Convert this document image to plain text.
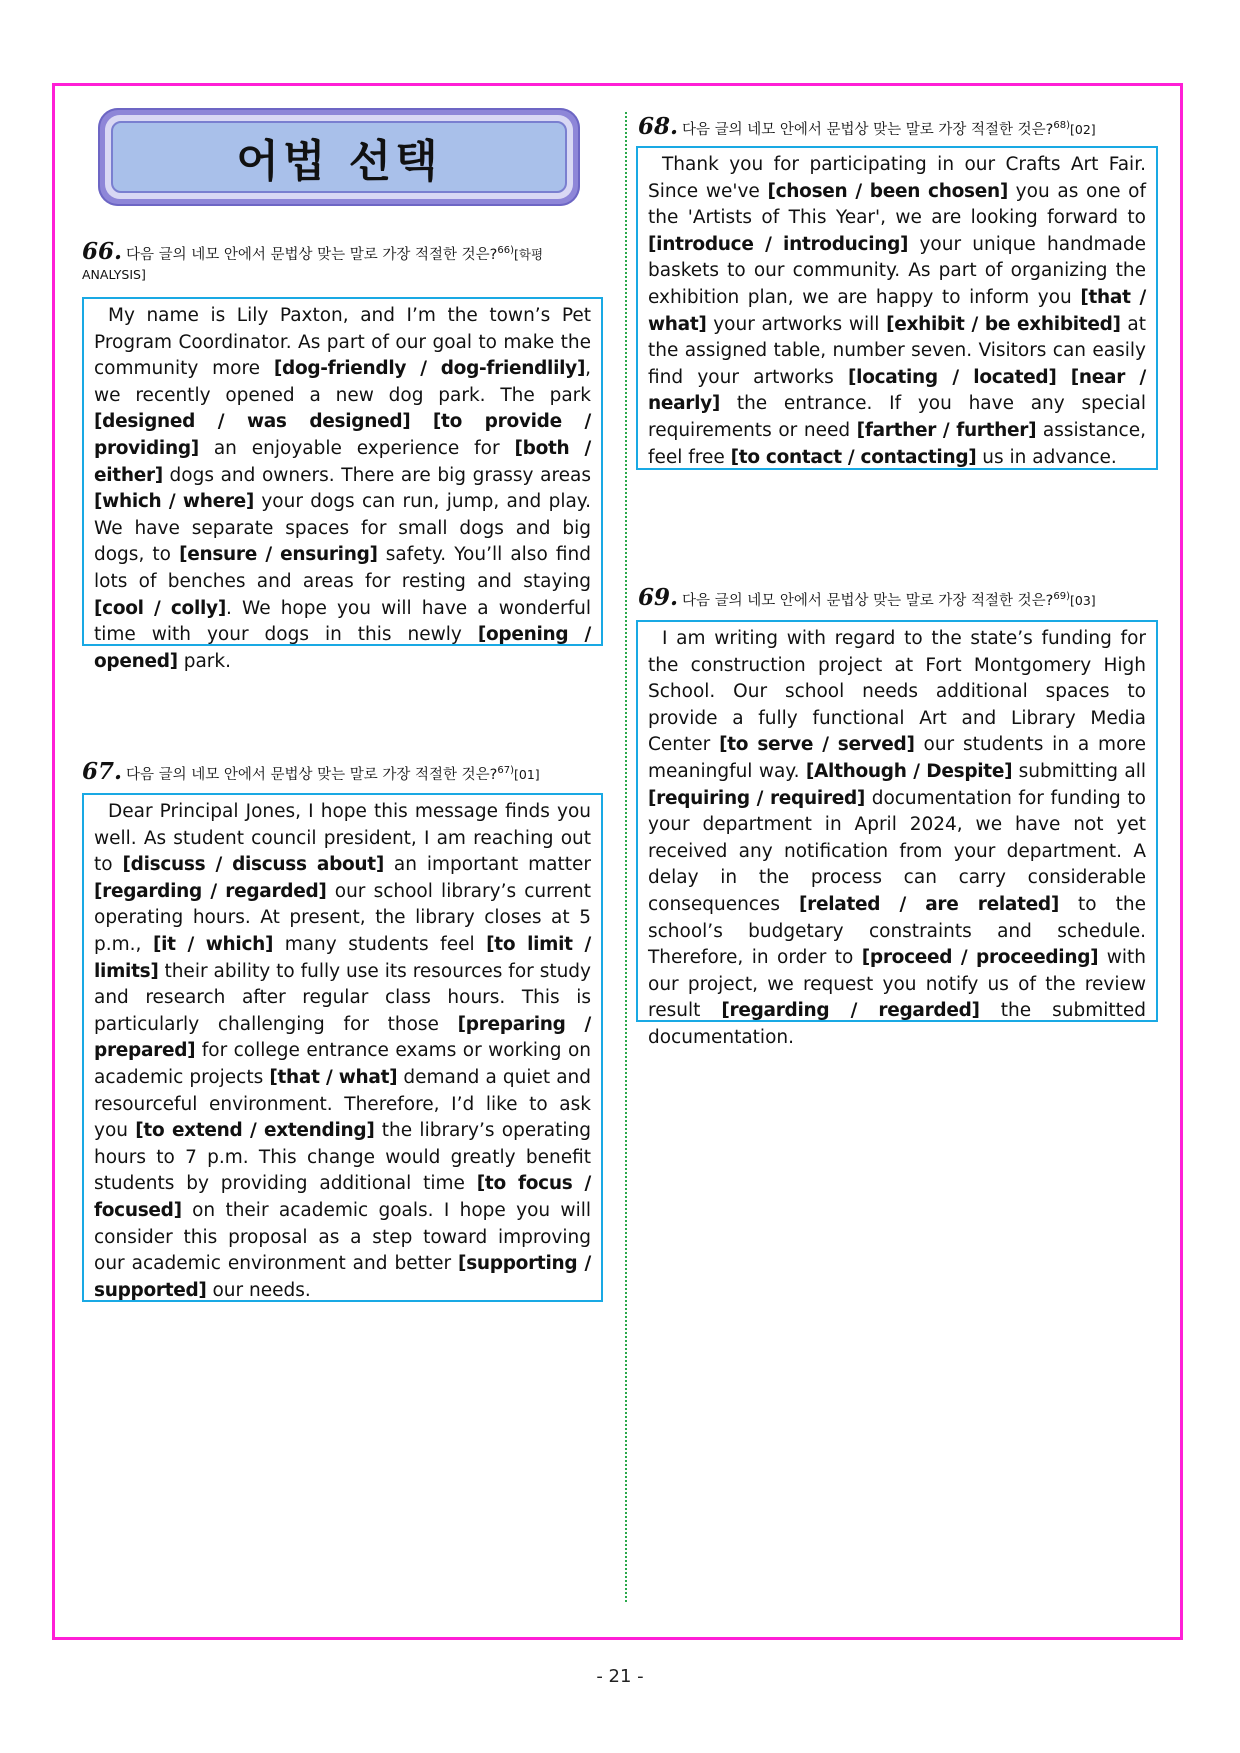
어법 선택
66. 다음 글의 네모 안에서 문법상 맞는 말로 가장 적절한 것은?$^{66)}$[학평 ANALYSIS]

My name is Lily Paxton, and I’m the town’s Pet Program Coordinator. As part of our goal to make the community more [dog-friendly / dog-friendlily], we recently opened a new dog park. The park [designed / was designed] [to provide / providing] an enjoyable experience for [both / either] dogs and owners. There are big grassy areas [which / where] your dogs can run, jump, and play. We have separate spaces for small dogs and big dogs, to [ensure / ensuring] safety. You’ll also find lots of benches and areas for resting and staying [cool / colly]. We hope you will have a wonderful time with your dogs in this newly [opening / opened] park.

67. 다음 글의 네모 안에서 문법상 맞는 말로 가장 적절한 것은?$^{67)}$[01]

Dear Principal Jones, I hope this message finds you well. As student council president, I am reaching out to [discuss / discuss about] an important matter [regarding / regarded] our school library’s current operating hours. At present, the library closes at 5 p.m., [it / which] many students feel [to limit / limits] their ability to fully use its resources for study and research after regular class hours. This is particularly challenging for those [preparing / prepared] for college entrance exams or working on academic projects [that / what] demand a quiet and resourceful environment. Therefore, I’d like to ask you [to extend / extending] the library’s operating hours to 7 p.m. This change would greatly benefit students by providing additional time [to focus / focused] on their academic goals. I hope you will consider this proposal as a step toward improving our academic environment and better [supporting / supported] our needs.

68. 다음 글의 네모 안에서 문법상 맞는 말로 가장 적절한 것은?$^{68)}$[02]

Thank you for participating in our Crafts Art Fair. Since we've [chosen / been chosen] you as one of the 'Artists of This Year', we are looking forward to [introduce / introducing] your unique handmade baskets to our community. As part of organizing the exhibition plan, we are happy to inform you [that / what] your artworks will [exhibit / be exhibited] at the assigned table, number seven. Visitors can easily find your artworks [locating / located] [near / nearly] the entrance. If you have any special requirements or need [farther / further] assistance, feel free [to contact / contacting] us in advance.

69. 다음 글의 네모 안에서 문법상 맞는 말로 가장 적절한 것은?$^{69)}$[03]

I am writing with regard to the state’s funding for the construction project at Fort Montgomery High School. Our school needs additional spaces to provide a fully functional Art and Library Media Center [to serve / served] our students in a more meaningful way. [Although / Despite] submitting all [requiring / required] documentation for funding to your department in April 2024, we have not yet received any notification from your department. A delay in the process can carry considerable consequences [related / are related] to the school’s budgetary constraints and schedule. Therefore, in order to [proceed / proceeding] with our project, we request you notify us of the review result [regarding / regarded] the submitted documentation.

- 21 -
